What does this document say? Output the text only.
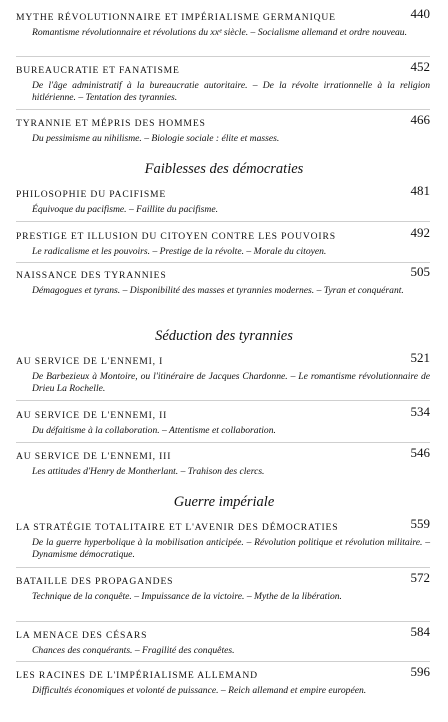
MYTHE RÉVOLUTIONNAIRE ET IMPÉRIALISME GERMANIQUE	440
Romantisme révolutionnaire et révolutions du xxᵉ siècle. – Socialisme allemand et ordre nouveau.
BUREAUCRATIE ET FANATISME	452
De l'âge administratif à la bureaucratie autoritaire. – De la révolte irrationnelle à la religion hitlérienne. – Tentation des tyrannies.
TYRANNIE ET MÉPRIS DES HOMMES	466
Du pessimisme au nihilisme. – Biologie sociale : élite et masses.
Faiblesses des démocraties
PHILOSOPHIE DU PACIFISME	481
Équivoque du pacifisme. – Faillite du pacifisme.
PRESTIGE ET ILLUSION DU CITOYEN CONTRE LES POUVOIRS	492
Le radicalisme et les pouvoirs. – Prestige de la révolte. – Morale du citoyen.
NAISSANCE DES TYRANNIES	505
Démagogues et tyrans. – Disponibilité des masses et tyrannies modernes. – Tyran et conquérant.
Séduction des tyrannies
AU SERVICE DE L'ENNEMI, I	521
De Barbezieux à Montoire, ou l'itinéraire de Jacques Chardonne. – Le romantisme révolutionnaire de Drieu La Rochelle.
AU SERVICE DE L'ENNEMI, II	534
Du défaitisme à la collaboration. – Attentisme et collaboration.
AU SERVICE DE L'ENNEMI, III	546
Les attitudes d'Henry de Montherlant. – Trahison des clercs.
Guerre impériale
LA STRATÉGIE TOTALITAIRE ET L'AVENIR DES DÉMOCRATIES	559
De la guerre hyperbolique à la mobilisation anticipée. – Révolution politique et révolution militaire. – Dynamisme démocratique.
BATAILLE DES PROPAGANDES	572
Technique de la conquête. – Impuissance de la victoire. – Mythe de la libération.
LA MENACE DES CÉSARS	584
Chances des conquérants. – Fragilité des conquêtes.
LES RACINES DE L'IMPÉRIALISME ALLEMAND	596
Difficultés économiques et volonté de puissance. – Reich allemand et empire européen.
